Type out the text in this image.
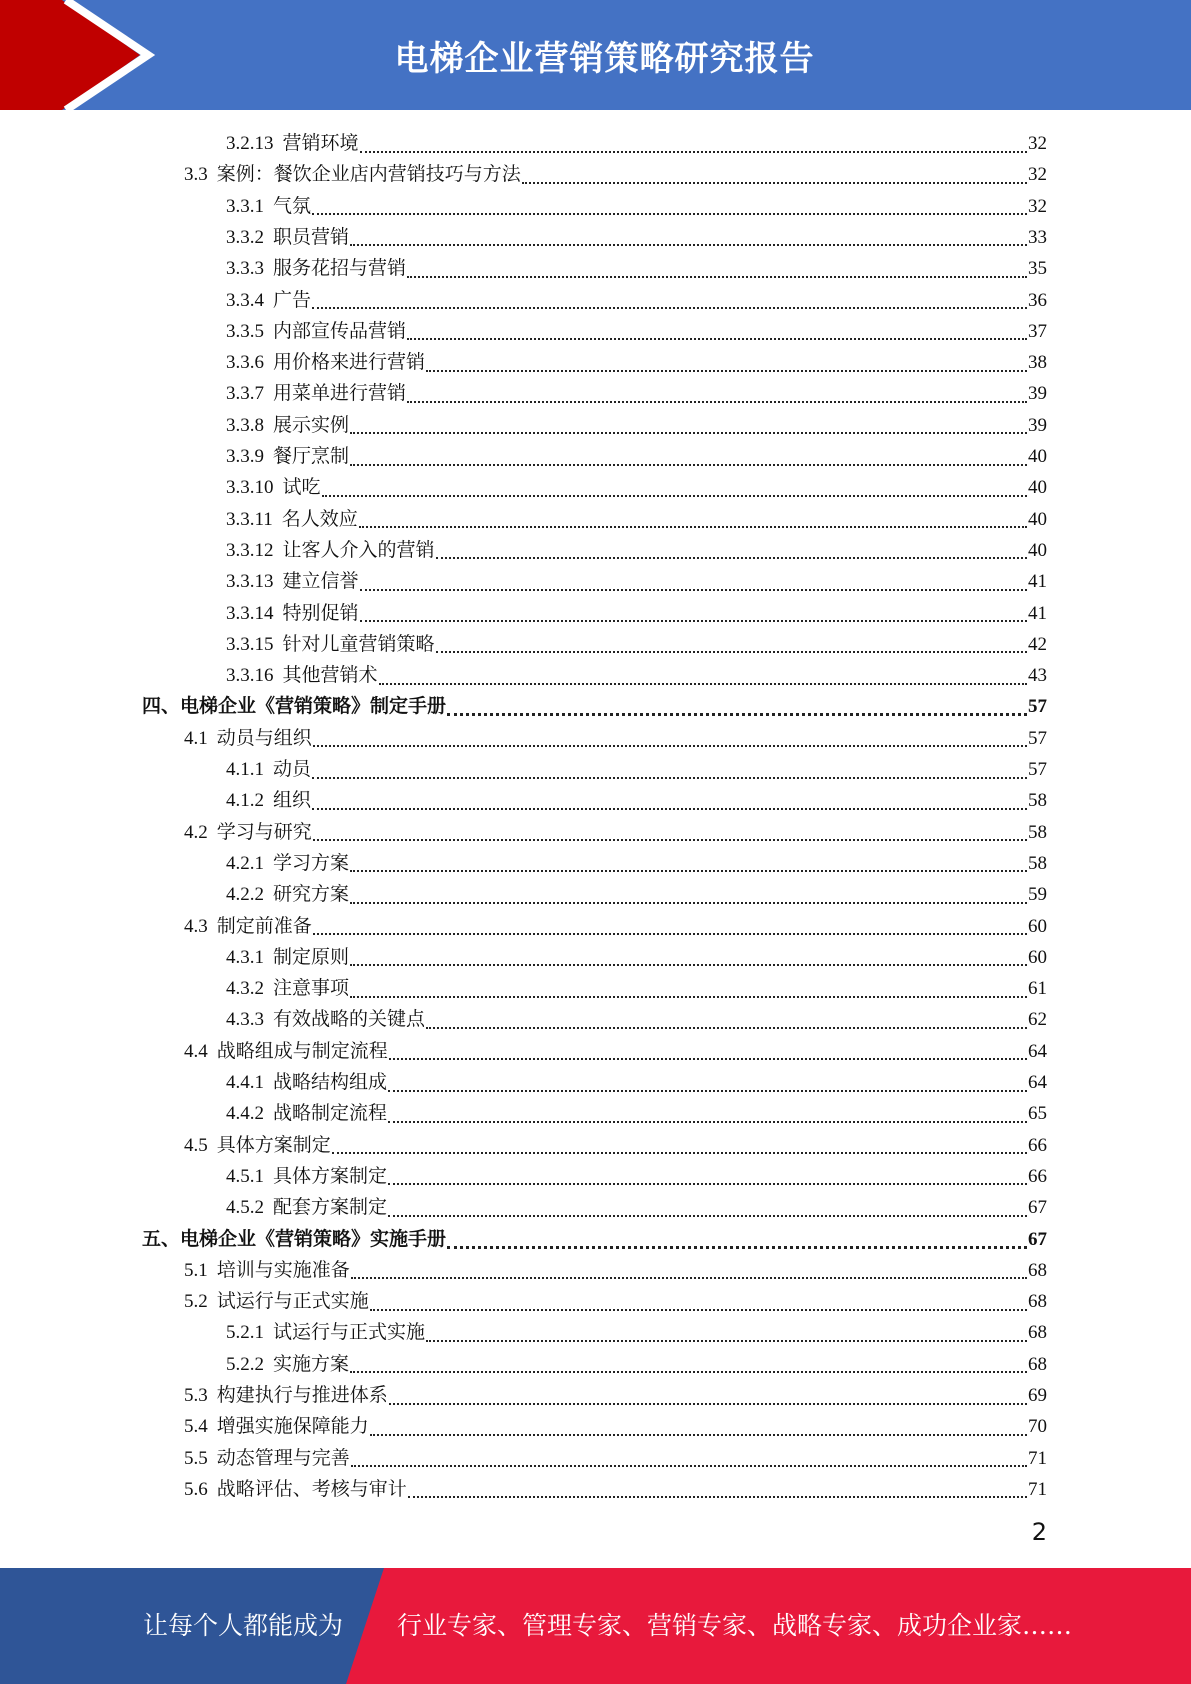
电梯企业营销策略研究报告
3.2.13 营销环境	32
3.3 案例：餐饮企业店内营销技巧与方法	32
3.3.1 气氛	32
3.3.2 职员营销	33
3.3.3 服务花招与营销	35
3.3.4 广告	36
3.3.5 内部宣传品营销	37
3.3.6 用价格来进行营销	38
3.3.7 用菜单进行营销	39
3.3.8 展示实例	39
3.3.9 餐厅烹制	40
3.3.10 试吃	40
3.3.11 名人效应	40
3.3.12 让客人介入的营销	40
3.3.13 建立信誉	41
3.3.14 特别促销	41
3.3.15 针对儿童营销策略	42
3.3.16 其他营销术	43
四、电梯企业《营销策略》制定手册	57
4.1 动员与组织	57
4.1.1 动员	57
4.1.2 组织	58
4.2 学习与研究	58
4.2.1 学习方案	58
4.2.2 研究方案	59
4.3 制定前准备	60
4.3.1 制定原则	60
4.3.2 注意事项	61
4.3.3 有效战略的关键点	62
4.4 战略组成与制定流程	64
4.4.1 战略结构组成	64
4.4.2 战略制定流程	65
4.5 具体方案制定	66
4.5.1 具体方案制定	66
4.5.2 配套方案制定	67
五、电梯企业《营销策略》实施手册	67
5.1 培训与实施准备	68
5.2 试运行与正式实施	68
5.2.1 试运行与正式实施	68
5.2.2 实施方案	68
5.3 构建执行与推进体系	69
5.4 增强实施保障能力	70
5.5 动态管理与完善	71
5.6 战略评估、考核与审计	71
2
让每个人都能成为 行业专家、管理专家、营销专家、战略专家、成功企业家……
